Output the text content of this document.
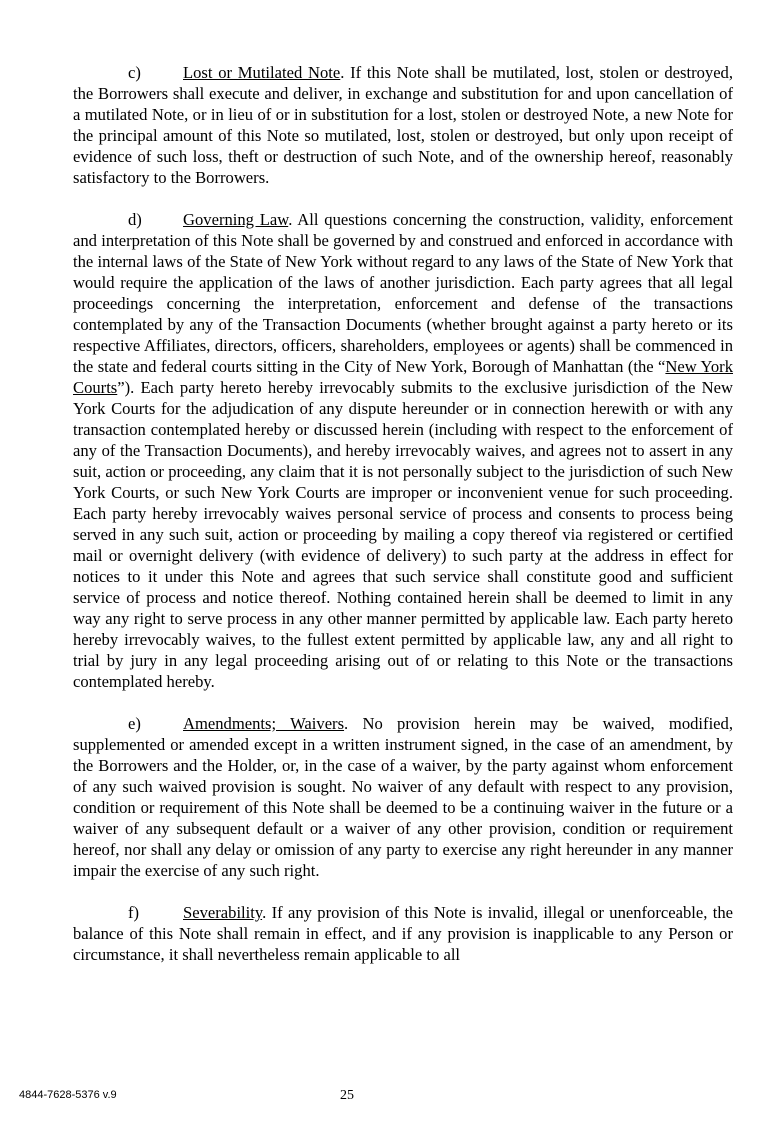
c)	Lost or Mutilated Note. If this Note shall be mutilated, lost, stolen or destroyed, the Borrowers shall execute and deliver, in exchange and substitution for and upon cancellation of a mutilated Note, or in lieu of or in substitution for a lost, stolen or destroyed Note, a new Note for the principal amount of this Note so mutilated, lost, stolen or destroyed, but only upon receipt of evidence of such loss, theft or destruction of such Note, and of the ownership hereof, reasonably satisfactory to the Borrowers.

d) Governing Law. All questions concerning the construction, validity, enforcement and interpretation of this Note shall be governed by and construed and enforced in accordance with the internal laws of the State of New York without regard to any laws of the State of New York that would require the application of the laws of another jurisdiction. Each party agrees that all legal proceedings concerning the interpretation, enforcement and defense of the transactions contemplated by any of the Transaction Documents (whether brought against a party hereto or its respective Affiliates, directors, officers, shareholders, employees or agents) shall be commenced in the state and federal courts sitting in the City of New York, Borough of Manhattan (the “New York Courts”). Each party hereto hereby irrevocably submits to the exclusive jurisdiction of the New York Courts for the adjudication of any dispute hereunder or in connection herewith or with any transaction contemplated hereby or discussed herein (including with respect to the enforcement of any of the Transaction Documents), and hereby irrevocably waives, and agrees not to assert in any suit, action or proceeding, any claim that it is not personally subject to the jurisdiction of such New York Courts, or such New York Courts are improper or inconvenient venue for such proceeding. Each party hereby irrevocably waives personal service of process and consents to process being served in any such suit, action or proceeding by mailing a copy thereof via registered or certified mail or overnight delivery (with evidence of delivery) to such party at the address in effect for notices to it under this Note and agrees that such service shall constitute good and sufficient service of process and notice thereof. Nothing contained herein shall be deemed to limit in any way any right to serve process in any other manner permitted by applicable law. Each party hereto hereby irrevocably waives, to the fullest extent permitted by applicable law, any and all right to trial by jury in any legal proceeding arising out of or relating to this Note or the transactions contemplated hereby.

e)	Amendments; Waivers. No provision herein may be waived, modified, supplemented or amended except in a written instrument signed, in the case of an amendment, by the Borrowers and the Holder, or, in the case of a waiver, by the party against whom enforcement of any such waived provision is sought. No waiver of any default with respect to any provision, condition or requirement of this Note shall be deemed to be a continuing waiver in the future or a waiver of any subsequent default or a waiver of any other provision, condition or requirement hereof, nor shall any delay or omission of any party to exercise any right hereunder in any manner impair the exercise of any such right.

f)	Severability. If any provision of this Note is invalid, illegal or unenforceable, the balance of this Note shall remain in effect, and if any provision is inapplicable to any Person or circumstance, it shall nevertheless remain applicable to all

4844-7628-5376 v.9	25
